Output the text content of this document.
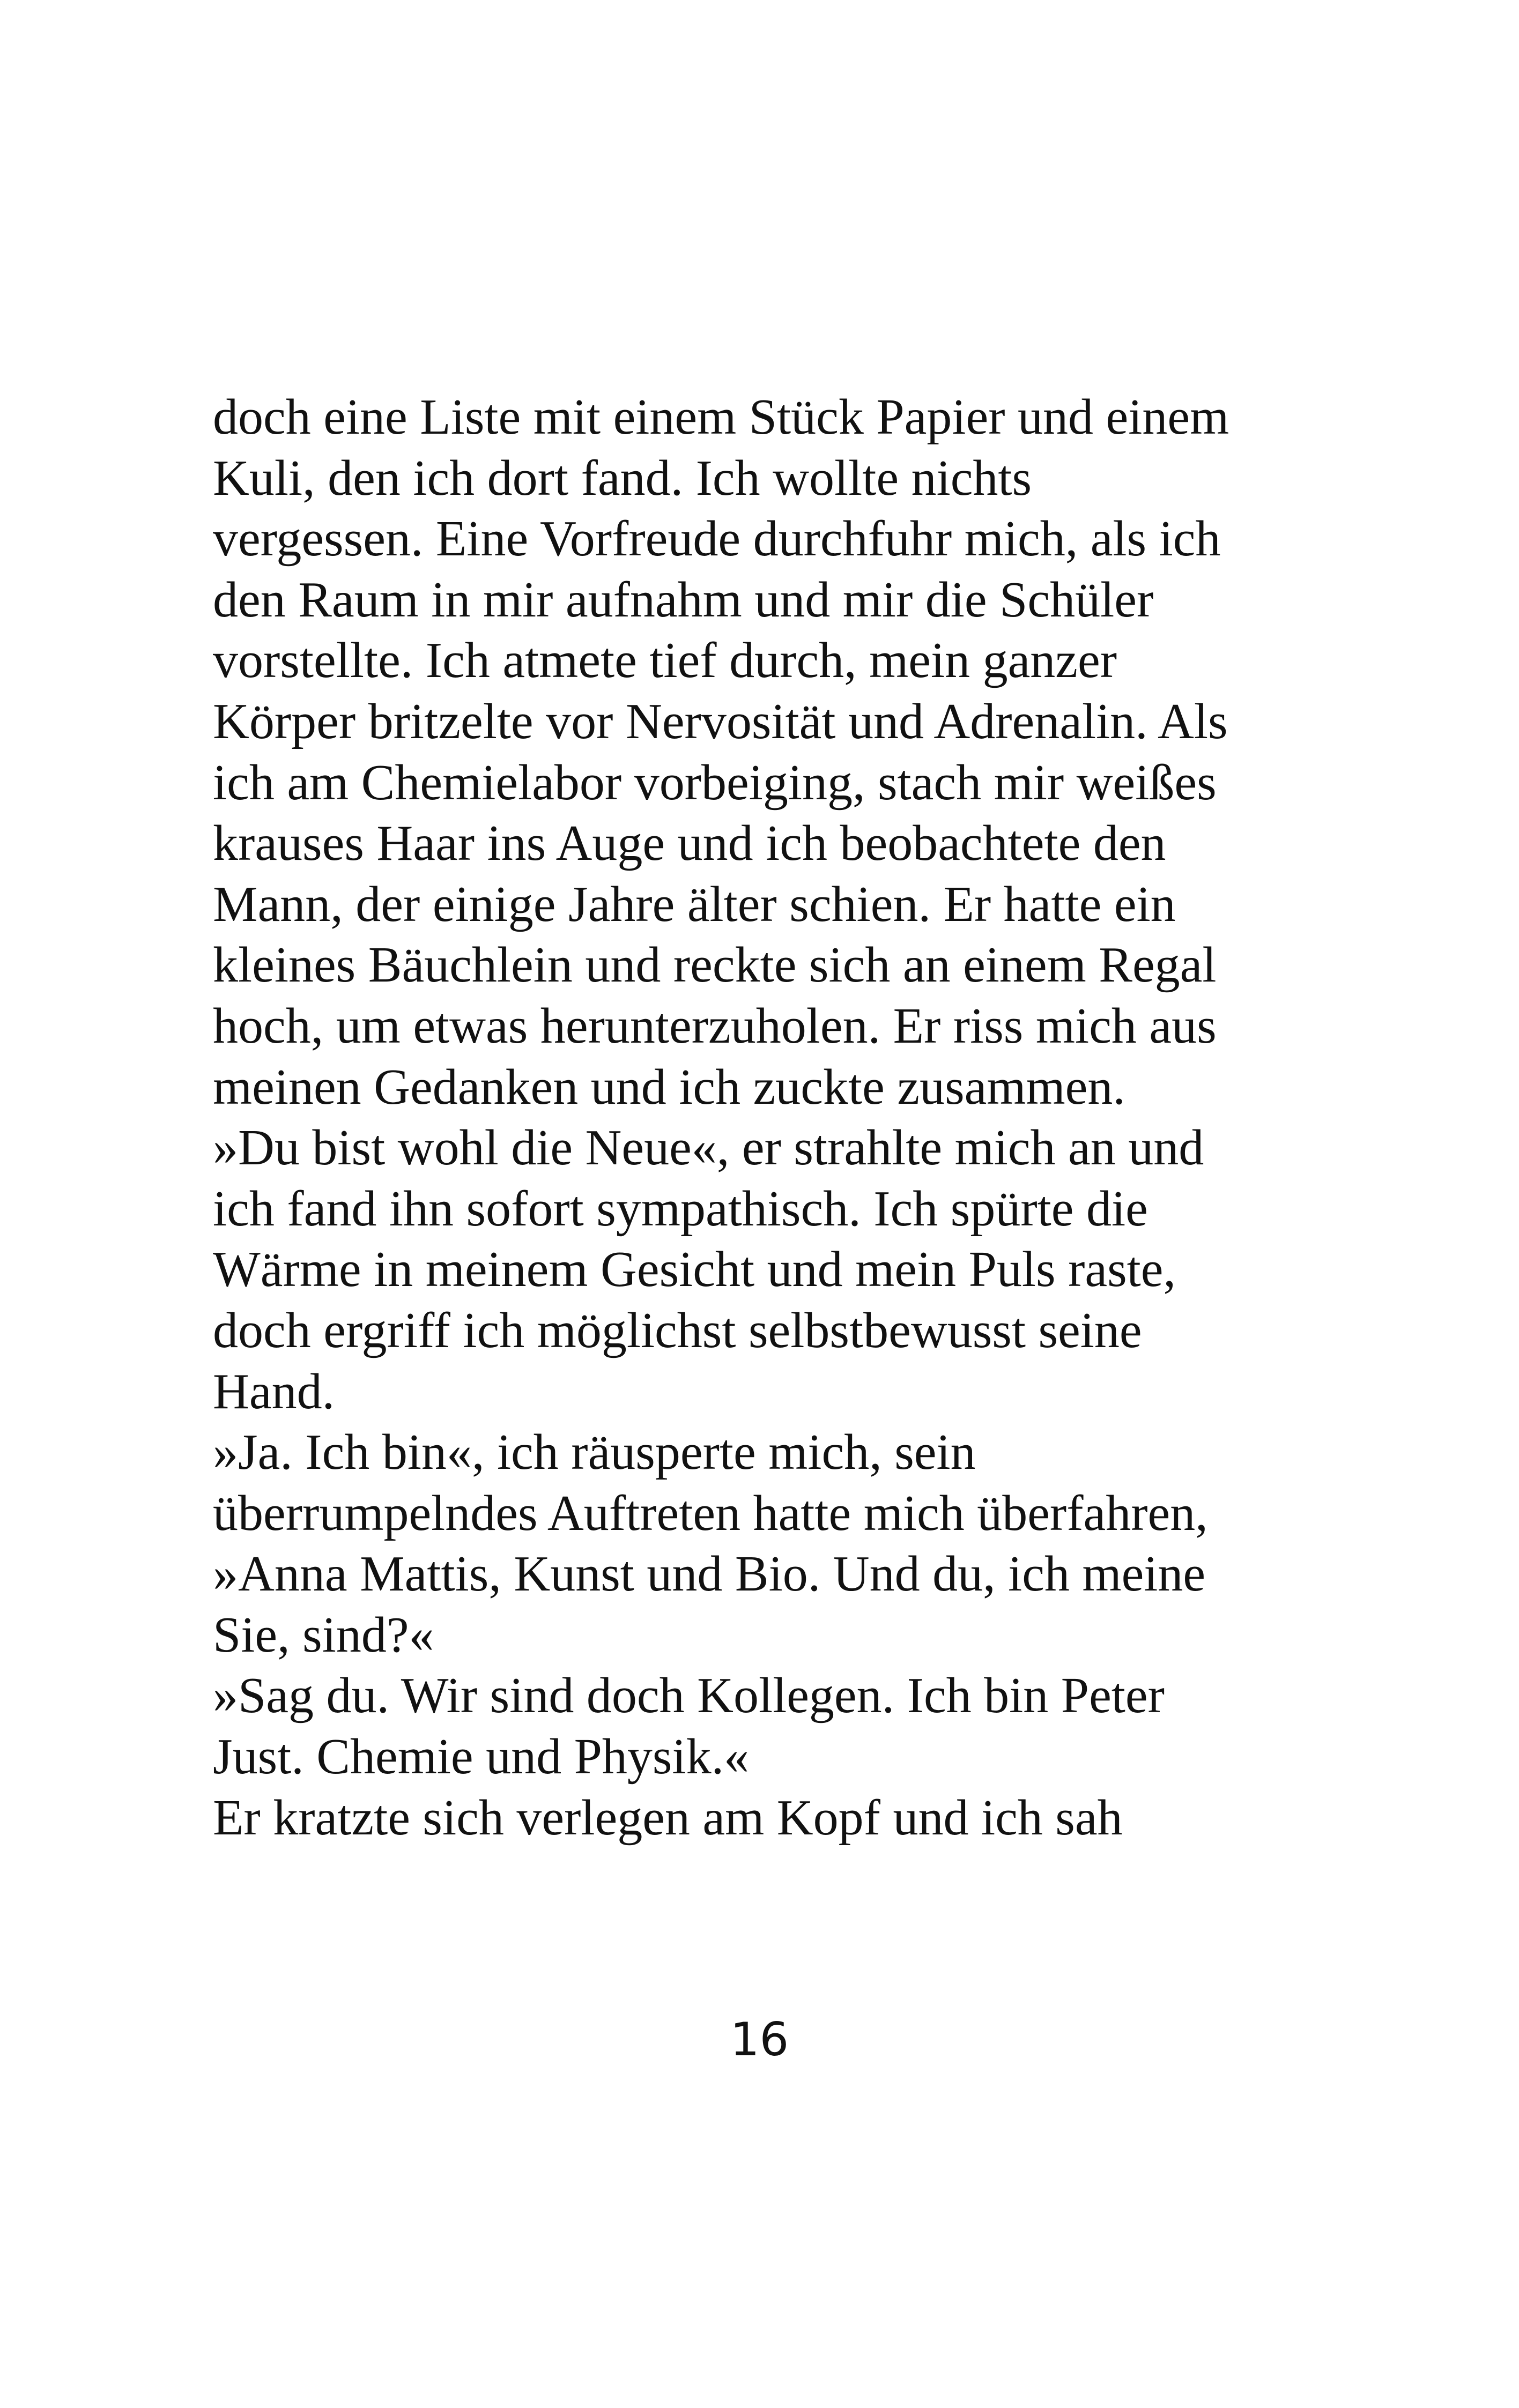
doch eine Liste mit einem Stück Papier und einem
Kuli, den ich dort fand. Ich wollte nichts
vergessen. Eine Vorfreude durchfuhr mich, als ich
den Raum in mir aufnahm und mir die Schüler
vorstellte. Ich atmete tief durch, mein ganzer
Körper britzelte vor Nervosität und Adrenalin. Als
ich am Chemielabor vorbeiging, stach mir weißes
krauses Haar ins Auge und ich beobachtete den
Mann, der einige Jahre älter schien. Er hatte ein
kleines Bäuchlein und reckte sich an einem Regal
hoch, um etwas herunterzuholen. Er riss mich aus
meinen Gedanken und ich zuckte zusammen.
»Du bist wohl die Neue«, er strahlte mich an und
ich fand ihn sofort sympathisch. Ich spürte die
Wärme in meinem Gesicht und mein Puls raste,
doch ergriff ich möglichst selbstbewusst seine
Hand.
»Ja. Ich bin«, ich räusperte mich, sein
überrumpelndes Auftreten hatte mich überfahren,
»Anna Mattis, Kunst und Bio. Und du, ich meine
Sie, sind?«
»Sag du. Wir sind doch Kollegen. Ich bin Peter
Just. Chemie und Physik.«
Er kratzte sich verlegen am Kopf und ich sah
16
